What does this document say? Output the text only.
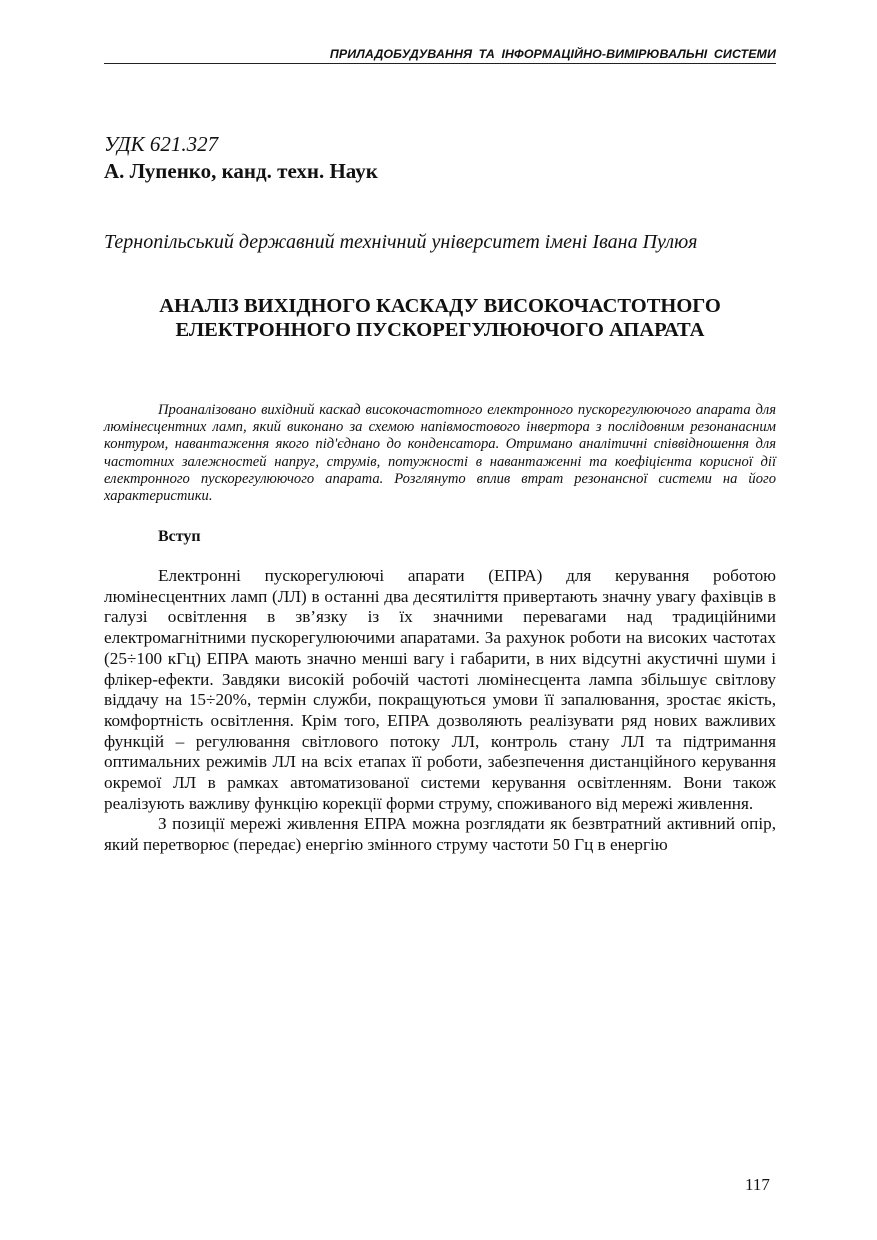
ПРИЛАДОБУДУВАННЯ ТА ІНФОРМАЦІЙНО-ВИМІРЮВАЛЬНІ СИСТЕМИ
УДК 621.327
А. Лупенко, канд. техн. Наук
Тернопільський державний технічний університет імені Івана Пулюя
АНАЛІЗ ВИХІДНОГО КАСКАДУ ВИСОКОЧАСТОТНОГО
ЕЛЕКТРОННОГО ПУСКОРЕГУЛЮЮЧОГО АПАРАТА
Проаналізовано вихідний каскад високочастотного електронного пускорегулюючого апарата для люмінесцентних ламп, який виконано за схемою напівмостового інвертора з послідовним резонанасним контуром, навантаження якого під'єднано до конденсатора. Отримано аналітичні співвідношення для частотних залежностей напруг, струмів, потужності в навантаженні та коефіцієнта корисної дії електронного пускорегулюючого апарата. Розглянуто вплив втрат резонансної системи на його характеристики.
Вступ

Електронні пускорегулюючі апарати (ЕПРА) для керування роботою люмінесцентних ламп (ЛЛ) в останні два десятиліття привертають значну увагу фахівців в галузі освітлення в зв’язку із їх значними перевагами над традиційними електромагнітними пускорегулюючими апаратами. За рахунок роботи на високих частотах (25÷100 кГц) ЕПРА мають значно менші вагу і габарити, в них відсутні акустичні шуми і флікер-ефекти. Завдяки високій робочій частоті люмінесцента лампа збільшує світлову віддачу на 15÷20%, термін служби, покращуються умови її запалювання, зростає якість, комфортність освітлення. Крім того, ЕПРА дозволяють реалізувати ряд нових важливих функцій – регулювання світлового потоку ЛЛ, контроль стану ЛЛ та підтримання оптимальних режимів ЛЛ на всіх етапах її роботи, забезпечення дистанційного керування окремої ЛЛ в рамках автоматизованої системи керування освітленням. Вони також реалізують важливу функцію корекції форми струму, споживаного від мережі живлення.

З позиції мережі живлення ЕПРА можна розглядати як безвтратний активний опір, який перетворює (передає) енергію змінного струму частоти 50 Гц в енергію

117
